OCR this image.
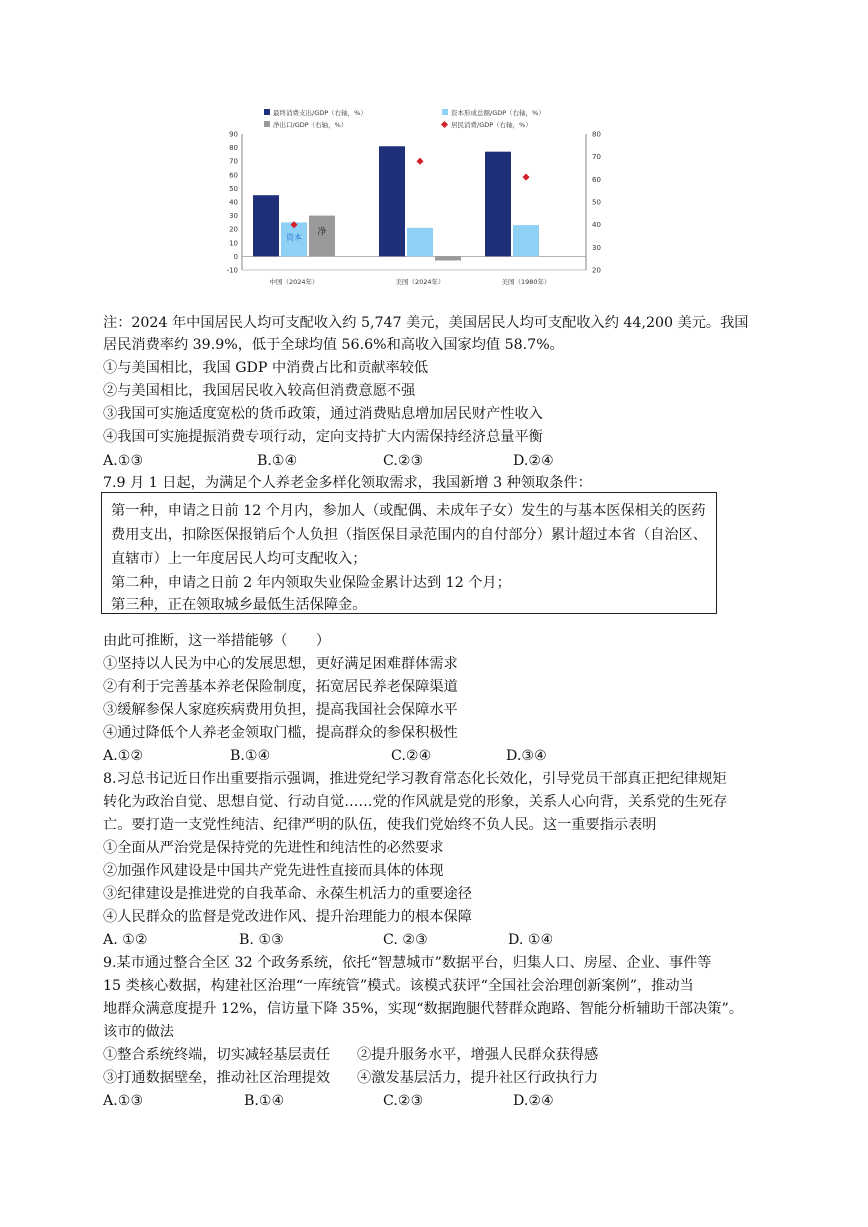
最终消费支出/GDP（右轴，%）	资本形成总额/GDP（右轴，%）
净出口/GDP（右轴，%）	居民消费/GDP（右轴，%）
90
80
70
60
50
40
30
20
10
0
-10
80
70
60
50
40
30
20
中国（2024年）	美国（2024年）	美国（1980年）
资本 净
注：2024 年中国居民人均可支配收入约 5,747 美元，美国居民人均可支配收入约 44,200 美元。我国
居民消费率约 39.9%，低于全球均值 56.6%和高收入国家均值 58.7%。
①与美国相比，我国 GDP 中消费占比和贡献率较低
②与美国相比，我国居民收入较高但消费意愿不强
③我国可实施适度宽松的货币政策，通过消费贴息增加居民财产性收入
④我国可实施提振消费专项行动，定向支持扩大内需保持经济总量平衡
A.①③	B.①④	C.②③	D.②④
7.9 月 1 日起，为满足个人养老金多样化领取需求，我国新增 3 种领取条件：
第一种，申请之日前 12 个月内，参加人（或配偶、未成年子女）发生的与基本医保相关的医药
费用支出，扣除医保报销后个人负担（指医保目录范围内的自付部分）累计超过本省（自治区、
直辖市）上一年度居民人均可支配收入；
第二种，申请之日前 2 年内领取失业保险金累计达到 12 个月；
第三种，正在领取城乡最低生活保障金。
由此可推断，这一举措能够（　　）
①坚持以人民为中心的发展思想，更好满足困难群体需求
②有利于完善基本养老保险制度，拓宽居民养老保障渠道
③缓解参保人家庭疾病费用负担，提高我国社会保障水平
④通过降低个人养老金领取门槛，提高群众的参保积极性
A.①②	B.①④	C.②④	D.③④
8.习总书记近日作出重要指示强调，推进党纪学习教育常态化长效化，引导党员干部真正把纪律规矩
转化为政治自觉、思想自觉、行动自觉……党的作风就是党的形象，关系人心向背，关系党的生死存
亡。要打造一支党性纯洁、纪律严明的队伍，使我们党始终不负人民。这一重要指示表明
①全面从严治党是保持党的先进性和纯洁性的必然要求
②加强作风建设是中国共产党先进性直接而具体的体现
③纪律建设是推进党的自我革命、永葆生机活力的重要途径
④人民群众的监督是党改进作风、提升治理能力的根本保障
A. ①②	B. ①③	C. ②③	D. ①④
9.某市通过整合全区 32 个政务系统，依托“智慧城市”数据平台，归集人口、房屋、企业、事件等
15 类核心数据，构建社区治理“一库统管”模式。该模式获评“全国社会治理创新案例”，推动当
地群众满意度提升 12%，信访量下降 35%，实现“数据跑腿代替群众跑路、智能分析辅助干部决策”。
该市的做法
①整合系统终端，切实减轻基层责任 ②提升服务水平，增强人民群众获得感
③打通数据壁垒，推动社区治理提效 ④激发基层活力，提升社区行政执行力
A.①③	B.①④	C.②③	D.②④
